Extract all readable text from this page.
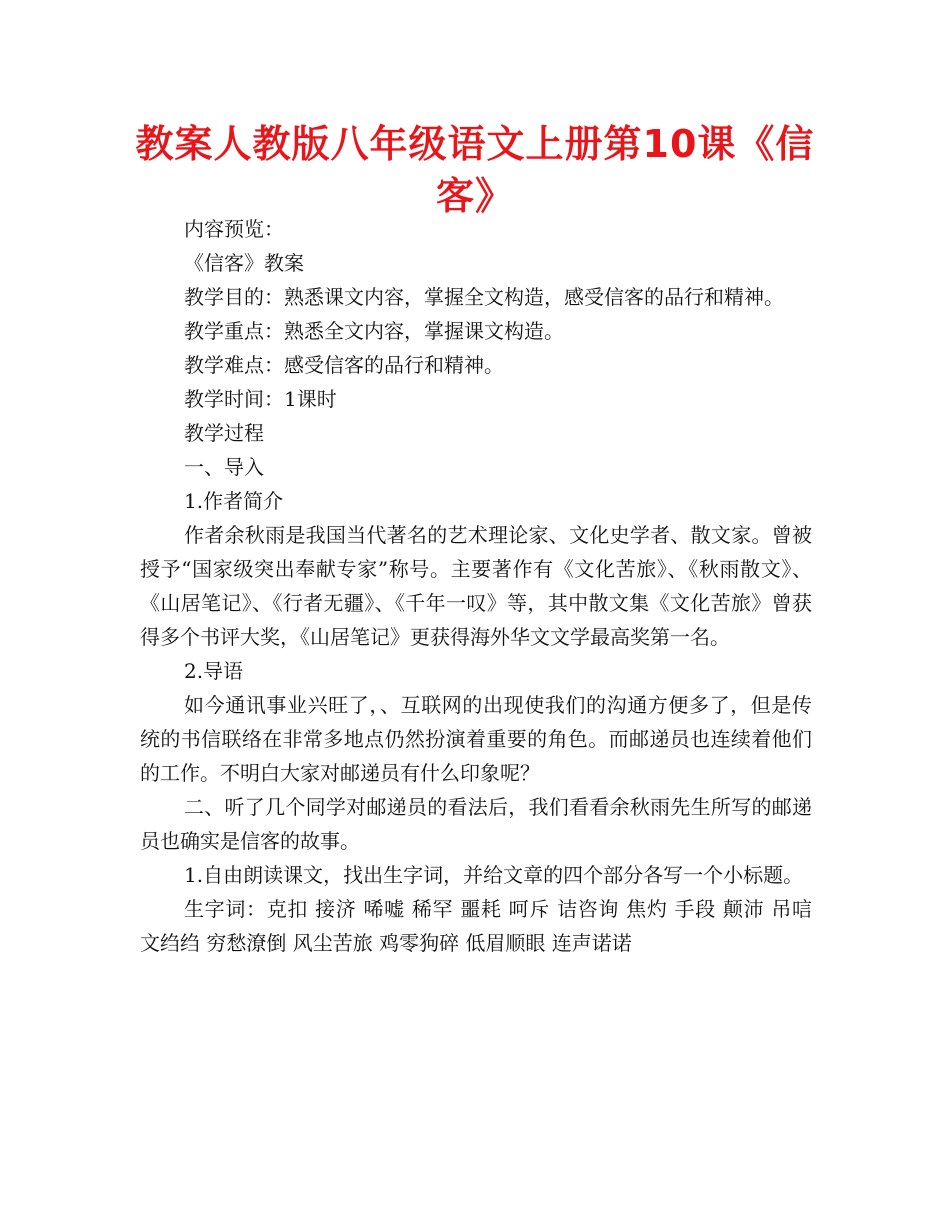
教案人教版八年级语文上册第10课《信客》

内容预览：

《信客》教案

教学目的：熟悉课文内容，掌握全文构造，感受信客的品行和精神。

教学重点：熟悉全文内容，掌握课文构造。

教学难点：感受信客的品行和精神。

教学时间：1课时

教学过程

一、导入

1.作者简介

作者余秋雨是我国当代著名的艺术理论家、文化史学者、散文家。曾被授予“国家级突出奉献专家”称号。主要著作有《文化苦旅》、《秋雨散文》、《山居笔记》、《行者无疆》、《千年一叹》等，其中散文集《文化苦旅》曾获得多个书评大奖，《山居笔记》更获得海外华文文学最高奖第一名。

2.导语

如今通讯事业兴旺了，、互联网的出现使我们的沟通方便多了，但是传统的书信联络在非常多地点仍然扮演着重要的角色。而邮递员也连续着他们的工作。不明白大家对邮递员有什么印象呢？

二、听了几个同学对邮递员的看法后，我们看看余秋雨先生所写的邮递员也确实是信客的故事。

1.自由朗读课文，找出生字词，并给文章的四个部分各写一个小标题。

生字词：克扣 接济 唏嘘 稀罕 噩耗 呵斥 诘咨询 焦灼 手段 颠沛 吊唁 文绉绉 穷愁潦倒 风尘苦旅 鸡零狗碎 低眉顺眼 连声诺诺
